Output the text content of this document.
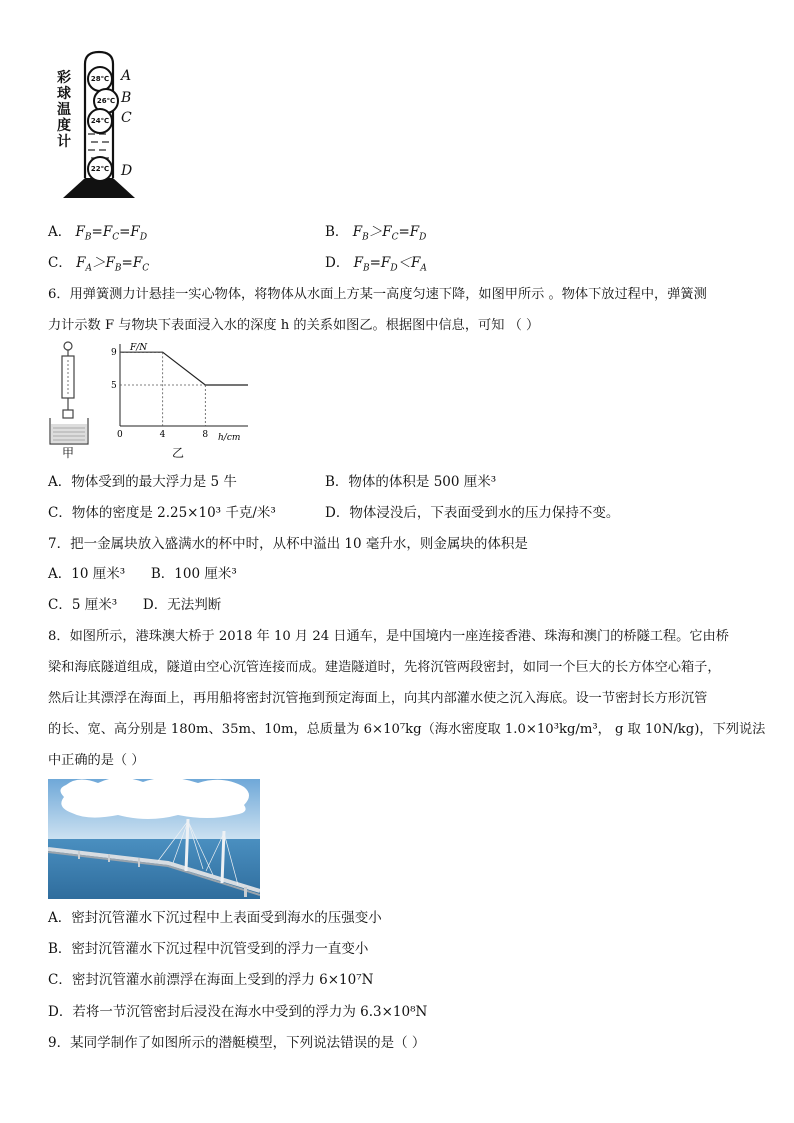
彩
球
温
度
计
28℃
26℃
24℃
22℃
A
B
C
D
A． $F_B=F_C=F_D$	B． $F_B>F_C=F_D$
C． $F_A>F_B=F_C$	D． $F_B=F_D<F_A$
6．用弹簧测力计悬挂一实心物体，将物体从水面上方某一高度匀速下降，如图甲所示 。物体下放过程中，弹簧测
力计示数 F 与物块下表面浸入水的深度 h 的关系如图乙。根据图中信息，可知 （ ）
甲
0	4	8
9
5
F/N
h/cm
乙
A．物体受到的最大浮力是 5 牛	B．物体的体积是 500 厘米³
C．物体的密度是 2.25×10³ 千克/米³	D．物体浸没后，下表面受到水的压力保持不变。
7．把一金属块放入盛满水的杯中时，从杯中溢出 10 毫升水，则金属块的体积是
A．10 厘米³      B．100 厘米³
C．5 厘米³      D．无法判断
8．如图所示，港珠澳大桥于 2018 年 10 月 24 日通车，是中国境内一座连接香港、珠海和澳门的桥隧工程。它由桥
梁和海底隧道组成，隧道由空心沉管连接而成。建造隧道时，先将沉管两段密封，如同一个巨大的长方体空心箱子，
然后让其漂浮在海面上，再用船将密封沉管拖到预定海面上，向其内部灌水使之沉入海底。设一节密封长方形沉管
的长、宽、高分别是 180m、35m、10m，总质量为 6×10⁷kg（海水密度取 1.0×10³kg/m³， g 取 10N/kg)，下列说法
中正确的是（ ）
A．密封沉管灌水下沉过程中上表面受到海水的压强变小
B．密封沉管灌水下沉过程中沉管受到的浮力一直变小
C．密封沉管灌水前漂浮在海面上受到的浮力 6×10⁷N
D．若将一节沉管密封后浸没在海水中受到的浮力为 6.3×10⁸N
9．某同学制作了如图所示的潜艇模型，下列说法错误的是（ ）
